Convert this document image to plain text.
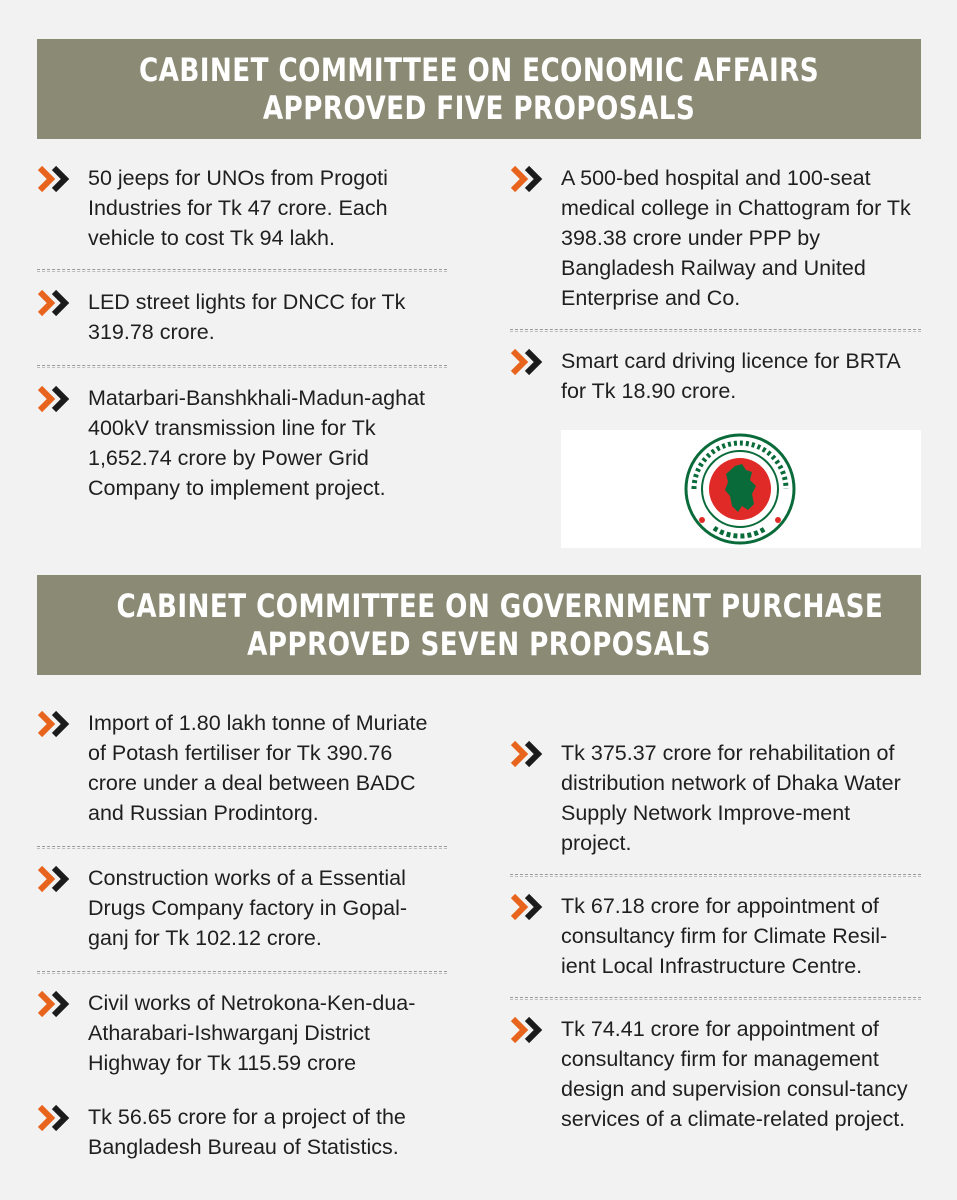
CABINET COMMITTEE ON ECONOMIC AFFAIRS
APPROVED FIVE PROPOSALS
50 jeeps for UNOs from Progoti Industries for Tk 47 crore. Each vehicle to cost Tk 94 lakh.
LED street lights for DNCC for Tk 319.78 crore.
Matarbari-Banshkhali-Madun-aghat 400kV transmission line for Tk 1,652.74 crore by Power Grid Company to implement project.
A 500-bed hospital and 100-seat medical college in Chattogram for Tk 398.38 crore under PPP by Bangladesh Railway and United Enterprise and Co.
Smart card driving licence for BRTA for Tk 18.90 crore.
CABINET COMMITTEE ON GOVERNMENT PURCHASE
APPROVED SEVEN PROPOSALS
Import of 1.80 lakh tonne of Muriate of Potash fertiliser for Tk 390.76 crore under a deal between BADC and Russian Prodintorg.
Construction works of a Essential Drugs Company factory in Gopal-ganj for Tk 102.12 crore.
Civil works of Netrokona-Ken-dua-Atharabari-Ishwarganj District Highway for Tk 115.59 crore
Tk 56.65 crore for a project of the Bangladesh Bureau of Statistics.
Tk 375.37 crore for rehabilitation of distribution network of Dhaka Water Supply Network Improve-ment project.
Tk 67.18 crore for appointment of consultancy firm for Climate Resil-ient Local Infrastructure Centre.
Tk 74.41 crore for appointment of consultancy firm for management design and supervision consul-tancy services of a climate-related project.
